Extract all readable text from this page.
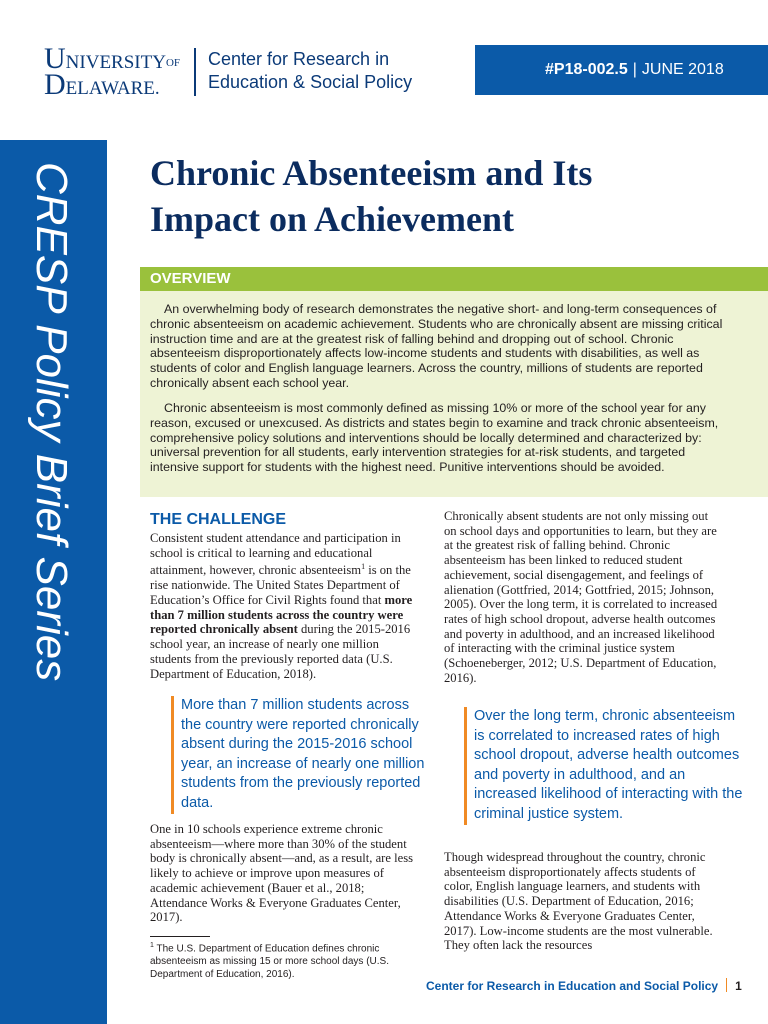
UNIVERSITYOF
DELAWARE.
Center for Research in
Education & Social Policy
#P18-002.5 | JUNE 2018
CRESP Policy Brief Series Chronic Absenteeism and Its
Impact on Achievement
OVERVIEW

An overwhelming body of research demonstrates the negative short- and long-term consequences of chronic absenteeism on academic achievement. Students who are chronically absent are missing critical instruction time and are at the greatest risk of falling behind and dropping out of school. Chronic absenteeism disproportionately affects low-income students and students with disabilities, as well as students of color and English language learners. Across the country, millions of students are reported chronically absent each school year.

Chronic absenteeism is most commonly defined as missing 10% or more of the school year for any reason, excused or unexcused. As districts and states begin to examine and track chronic absenteeism, comprehensive policy solutions and interventions should be locally determined and characterized by: universal prevention for all students, early intervention strategies for at-risk students, and targeted intensive support for students with the highest need. Punitive interventions should be avoided.

THE CHALLENGE

Consistent student attendance and participation in school is critical to learning and educational attainment, however, chronic absenteeism$^1$ is on the rise nationwide. The United States Department of Education’s Office for Civil Rights found that more than 7 million students across the country were reported chronically absent during the 2015-2016 school year, an increase of nearly one million students from the previously reported data (U.S. Department of Education, 2018).

More than 7 million students across the country were reported chronically absent during the 2015-2016 school year, an increase of nearly one million students from the previously reported data.

One in 10 schools experience extreme chronic absenteeism—where more than 30% of the student body is chronically absent—and, as a result, are less likely to achieve or improve upon measures of academic achievement (Bauer et al., 2018; Attendance Works & Everyone Graduates Center, 2017).

$^1$ The U.S. Department of Education defines chronic absenteeism as missing 15 or more school days (U.S. Department of Education, 2016).

Chronically absent students are not only missing out on school days and opportunities to learn, but they are at the greatest risk of falling behind. Chronic absenteeism has been linked to reduced student achievement, social disengagement, and feelings of alienation (Gottfried, 2014; Gottfried, 2015; Johnson, 2005). Over the long term, it is correlated to increased rates of high school dropout, adverse health outcomes and poverty in adulthood, and an increased likelihood of interacting with the criminal justice system (Schoeneberger, 2012; U.S. Department of Education, 2016).

Over the long term, chronic absenteeism is correlated to increased rates of high school dropout, adverse health outcomes and poverty in adulthood, and an increased likelihood of interacting with the criminal justice system.

Though widespread throughout the country, chronic absenteeism disproportionately affects students of color, English language learners, and students with disabilities (U.S. Department of Education, 2016; Attendance Works & Everyone Graduates Center, 2017). Low-income students are the most vulnerable. They often lack the resources

Center for Research in Education and Social Policy 1
